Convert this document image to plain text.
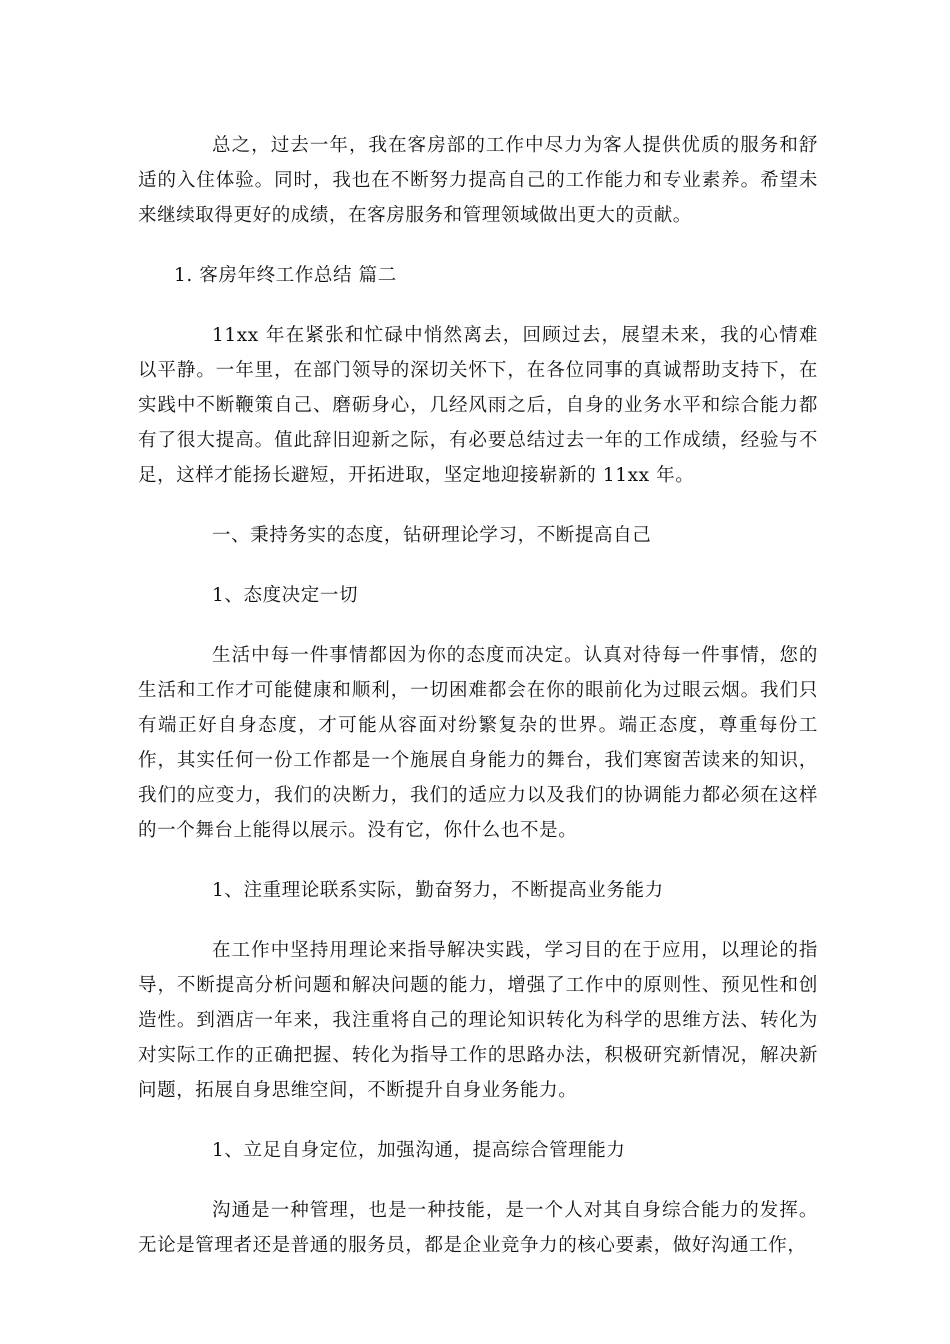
总之，过去一年，我在客房部的工作中尽力为客人提供优质的服务和舒适的入住体验。同时，我也在不断努力提高自己的工作能力和专业素养。希望未来继续取得更好的成绩，在客房服务和管理领域做出更大的贡献。

1. 客房年终工作总结 篇二

11xx 年在紧张和忙碌中悄然离去，回顾过去，展望未来，我的心情难以平静。一年里，在部门领导的深切关怀下，在各位同事的真诚帮助支持下，在实践中不断鞭策自己、磨砺身心，几经风雨之后，自身的业务水平和综合能力都有了很大提高。值此辞旧迎新之际，有必要总结过去一年的工作成绩，经验与不足，这样才能扬长避短，开拓进取，坚定地迎接崭新的 11xx 年。

一、秉持务实的态度，钻研理论学习，不断提高自己

1、态度决定一切

生活中每一件事情都因为你的态度而决定。认真对待每一件事情，您的生活和工作才可能健康和顺利，一切困难都会在你的眼前化为过眼云烟。我们只有端正好自身态度，才可能从容面对纷繁复杂的世界。端正态度，尊重每份工作，其实任何一份工作都是一个施展自身能力的舞台，我们寒窗苦读来的知识，我们的应变力，我们的决断力，我们的适应力以及我们的协调能力都必须在这样的一个舞台上能得以展示。没有它，你什么也不是。

1、注重理论联系实际，勤奋努力，不断提高业务能力

在工作中坚持用理论来指导解决实践，学习目的在于应用，以理论的指导，不断提高分析问题和解决问题的能力，增强了工作中的原则性、预见性和创造性。到酒店一年来，我注重将自己的理论知识转化为科学的思维方法、转化为对实际工作的正确把握、转化为指导工作的思路办法，积极研究新情况，解决新问题，拓展自身思维空间，不断提升自身业务能力。

1、立足自身定位，加强沟通，提高综合管理能力

沟通是一种管理，也是一种技能，是一个人对其自身综合能力的发挥。无论是管理者还是普通的服务员，都是企业竞争力的核心要素，做好沟通工作，
